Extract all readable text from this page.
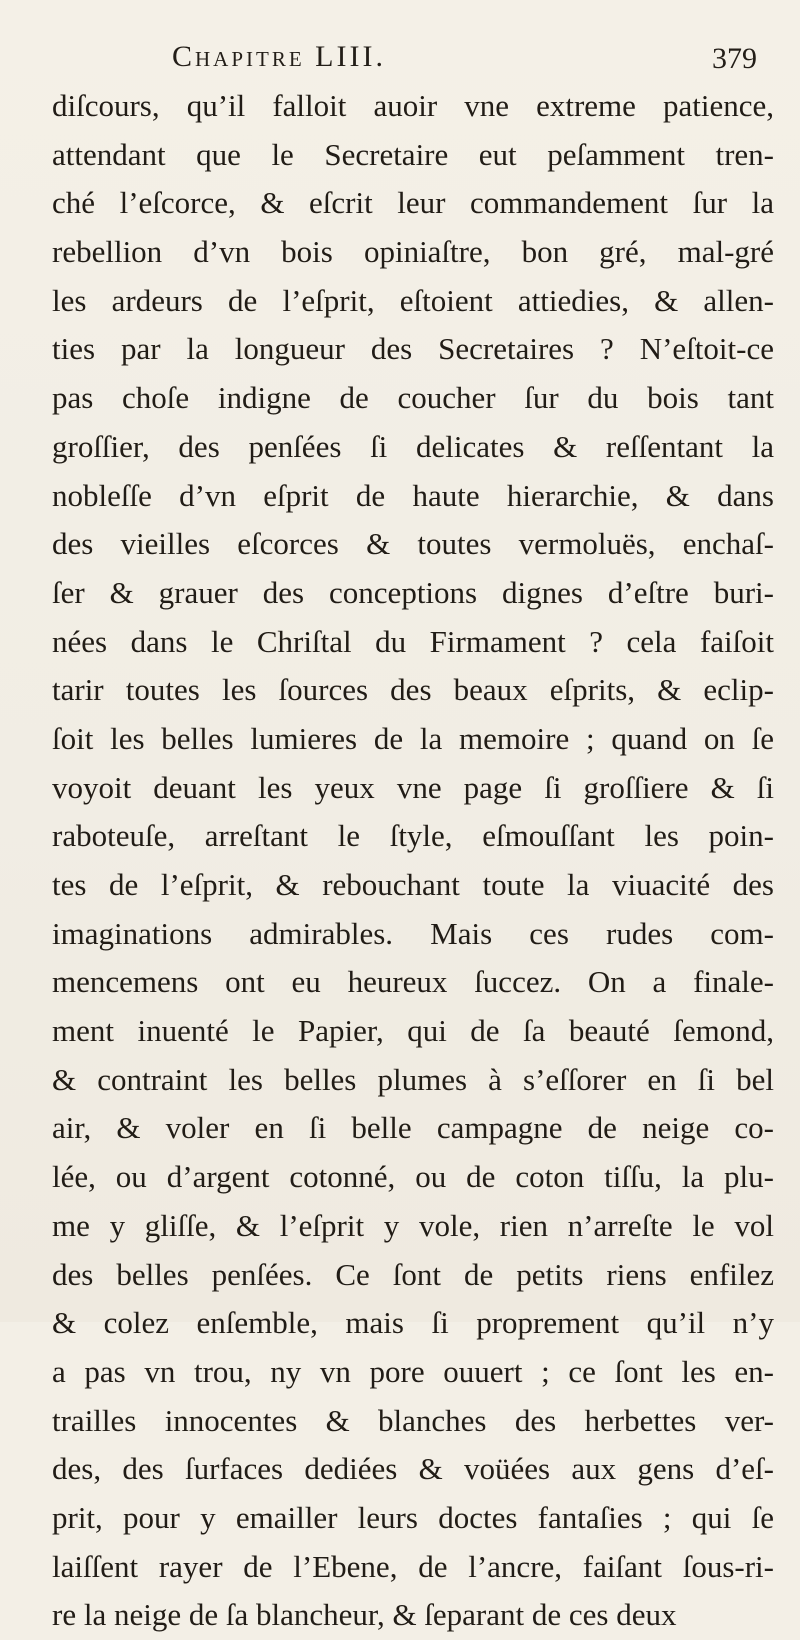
Chapitre LIII.	379
diſcours, qu’il falloit auoir vne extreme patience,
attendant que le Secretaire eut peſamment tren-
ché l’eſcorce, & eſcrit leur commandement ſur la
rebellion d’vn bois opiniaſtre, bon gré, mal-gré
les ardeurs de l’eſprit, eſtoient attiedies, & allen-
ties par la longueur des Secretaires ? N’eſtoit-ce
pas choſe indigne de coucher ſur du bois tant
groſſier, des penſées ſi delicates & reſſentant la
nobleſſe d’vn eſprit de haute hierarchie, & dans
des vieilles eſcorces & toutes vermoluës, enchaſ-
ſer & grauer des conceptions dignes d’eſtre buri-
nées dans le Chriſtal du Firmament ? cela faiſoit
tarir toutes les ſources des beaux eſprits, & eclip-
ſoit les belles lumieres de la memoire ; quand on ſe
voyoit deuant les yeux vne page ſi groſſiere & ſi
raboteuſe, arreſtant le ſtyle, eſmouſſant les poin-
tes de l’eſprit, & rebouchant toute la viuacité des
imaginations admirables. Mais ces rudes com-
mencemens ont eu heureux ſuccez. On a finale-
ment inuenté le Papier, qui de ſa beauté ſemond,
& contraint les belles plumes à s’eſſorer en ſi bel
air, & voler en ſi belle campagne de neige co-
lée, ou d’argent cotonné, ou de coton tiſſu, la plu-
me y gliſſe, & l’eſprit y vole, rien n’arreſte le vol
des belles penſées. Ce ſont de petits riens enfilez
& colez enſemble, mais ſi proprement qu’il n’y
a pas vn trou, ny vn pore ouuert ; ce ſont les en-
trailles innocentes & blanches des herbettes ver-
des, des ſurfaces dediées & voüées aux gens d’eſ-
prit, pour y emailler leurs doctes fantaſies ; qui ſe
laiſſent rayer de l’Ebene, de l’ancre, faiſant ſous-ri-
re la neige de ſa blancheur, & ſeparant de ces deux
